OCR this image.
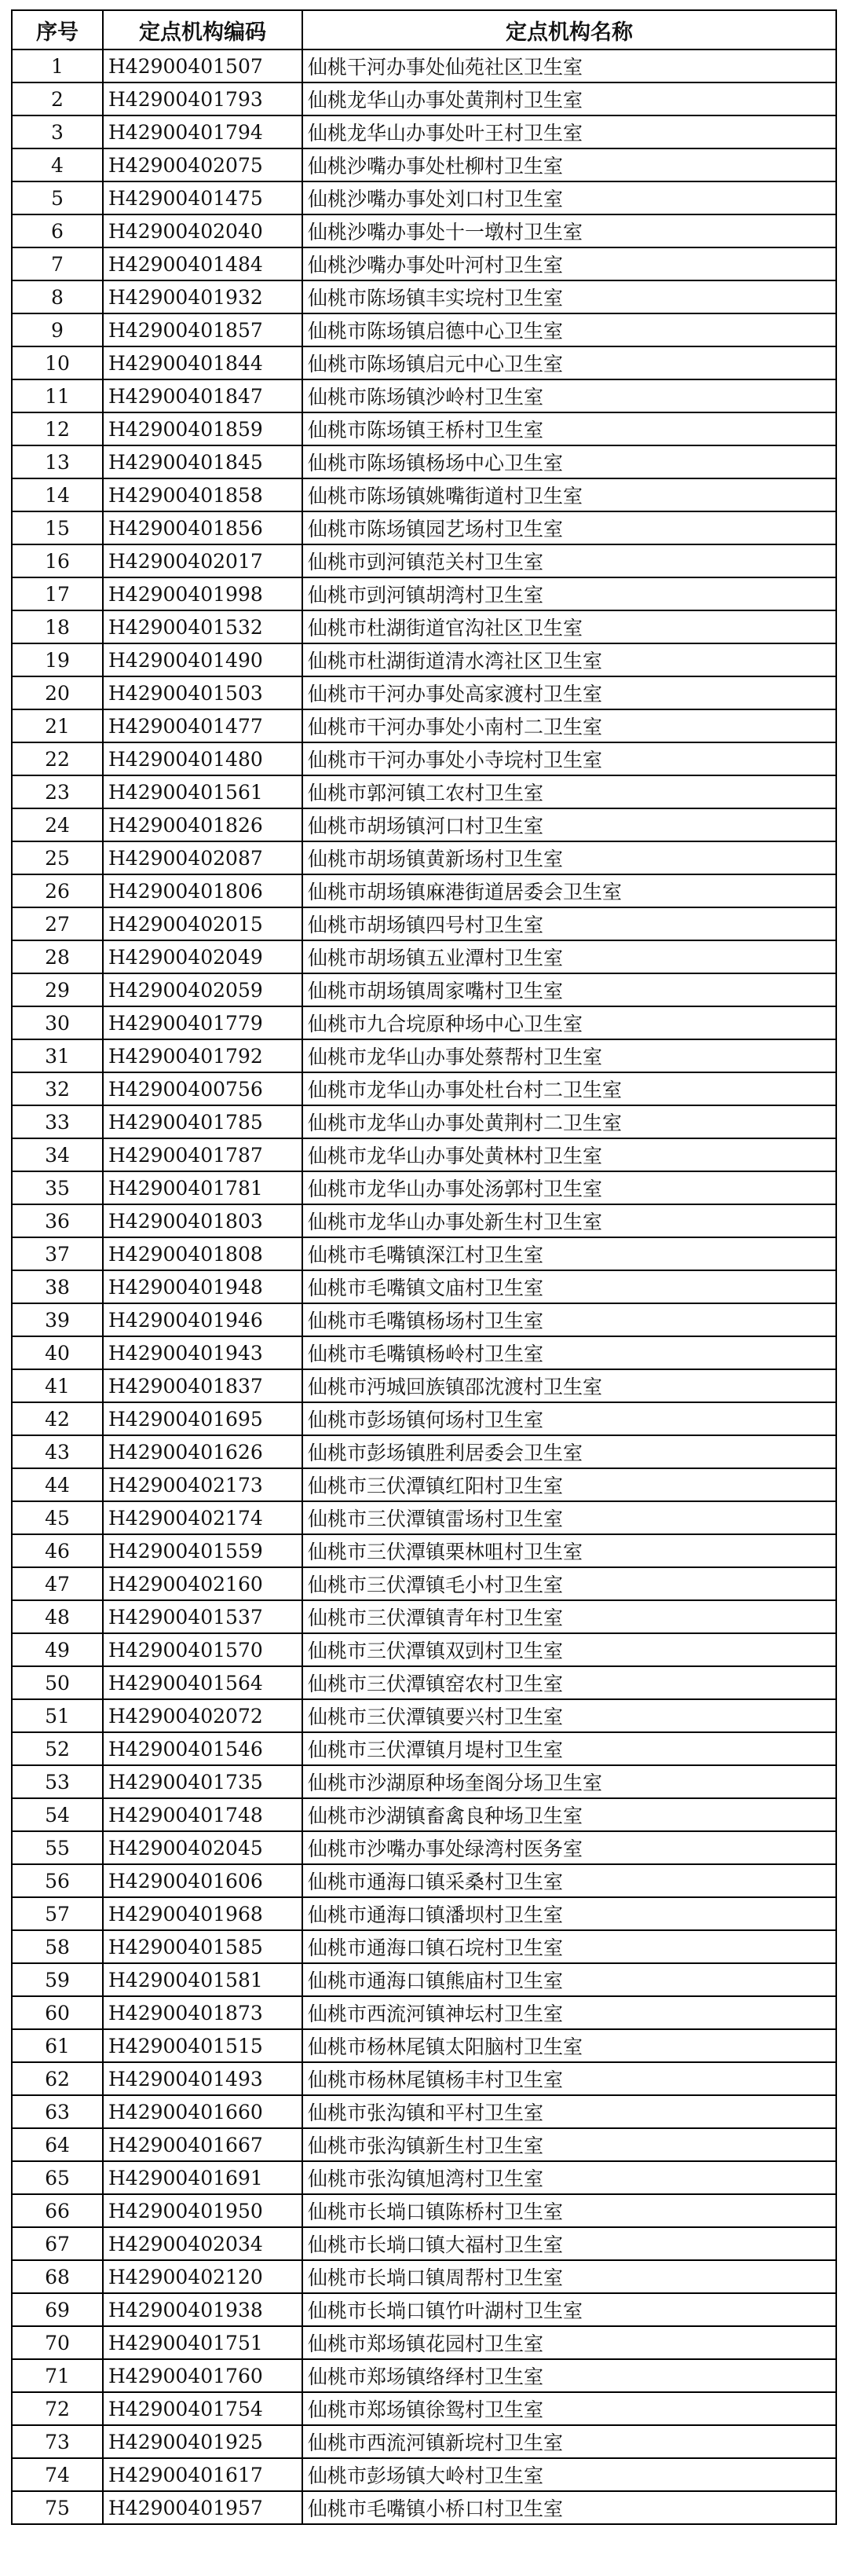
序号	定点机构编码	定点机构名称
1	H42900401507	仙桃干河办事处仙苑社区卫生室
2	H42900401793	仙桃龙华山办事处黄荆村卫生室
3	H42900401794	仙桃龙华山办事处叶王村卫生室
4	H42900402075	仙桃沙嘴办事处杜柳村卫生室
5	H42900401475	仙桃沙嘴办事处刘口村卫生室
6	H42900402040	仙桃沙嘴办事处十一墩村卫生室
7	H42900401484	仙桃沙嘴办事处叶河村卫生室
8	H42900401932	仙桃市陈场镇丰实垸村卫生室
9	H42900401857	仙桃市陈场镇启德中心卫生室
10	H42900401844	仙桃市陈场镇启元中心卫生室
11	H42900401847	仙桃市陈场镇沙岭村卫生室
12	H42900401859	仙桃市陈场镇王桥村卫生室
13	H42900401845	仙桃市陈场镇杨场中心卫生室
14	H42900401858	仙桃市陈场镇姚嘴街道村卫生室
15	H42900401856	仙桃市陈场镇园艺场村卫生室
16	H42900402017	仙桃市剅河镇范关村卫生室
17	H42900401998	仙桃市剅河镇胡湾村卫生室
18	H42900401532	仙桃市杜湖街道官沟社区卫生室
19	H42900401490	仙桃市杜湖街道清水湾社区卫生室
20	H42900401503	仙桃市干河办事处高家渡村卫生室
21	H42900401477	仙桃市干河办事处小南村二卫生室
22	H42900401480	仙桃市干河办事处小寺垸村卫生室
23	H42900401561	仙桃市郭河镇工农村卫生室
24	H42900401826	仙桃市胡场镇河口村卫生室
25	H42900402087	仙桃市胡场镇黄新场村卫生室
26	H42900401806	仙桃市胡场镇麻港街道居委会卫生室
27	H42900402015	仙桃市胡场镇四号村卫生室
28	H42900402049	仙桃市胡场镇五业潭村卫生室
29	H42900402059	仙桃市胡场镇周家嘴村卫生室
30	H42900401779	仙桃市九合垸原种场中心卫生室
31	H42900401792	仙桃市龙华山办事处蔡帮村卫生室
32	H42900400756	仙桃市龙华山办事处杜台村二卫生室
33	H42900401785	仙桃市龙华山办事处黄荆村二卫生室
34	H42900401787	仙桃市龙华山办事处黄林村卫生室
35	H42900401781	仙桃市龙华山办事处汤郭村卫生室
36	H42900401803	仙桃市龙华山办事处新生村卫生室
37	H42900401808	仙桃市毛嘴镇深江村卫生室
38	H42900401948	仙桃市毛嘴镇文庙村卫生室
39	H42900401946	仙桃市毛嘴镇杨场村卫生室
40	H42900401943	仙桃市毛嘴镇杨岭村卫生室
41	H42900401837	仙桃市沔城回族镇邵沈渡村卫生室
42	H42900401695	仙桃市彭场镇何场村卫生室
43	H42900401626	仙桃市彭场镇胜利居委会卫生室
44	H42900402173	仙桃市三伏潭镇红阳村卫生室
45	H42900402174	仙桃市三伏潭镇雷场村卫生室
46	H42900401559	仙桃市三伏潭镇栗林咀村卫生室
47	H42900402160	仙桃市三伏潭镇毛小村卫生室
48	H42900401537	仙桃市三伏潭镇青年村卫生室
49	H42900401570	仙桃市三伏潭镇双剅村卫生室
50	H42900401564	仙桃市三伏潭镇窑农村卫生室
51	H42900402072	仙桃市三伏潭镇要兴村卫生室
52	H42900401546	仙桃市三伏潭镇月堤村卫生室
53	H42900401735	仙桃市沙湖原种场奎阁分场卫生室
54	H42900401748	仙桃市沙湖镇畜禽良种场卫生室
55	H42900402045	仙桃市沙嘴办事处绿湾村医务室
56	H42900401606	仙桃市通海口镇采桑村卫生室
57	H42900401968	仙桃市通海口镇潘坝村卫生室
58	H42900401585	仙桃市通海口镇石垸村卫生室
59	H42900401581	仙桃市通海口镇熊庙村卫生室
60	H42900401873	仙桃市西流河镇神坛村卫生室
61	H42900401515	仙桃市杨林尾镇太阳脑村卫生室
62	H42900401493	仙桃市杨林尾镇杨丰村卫生室
63	H42900401660	仙桃市张沟镇和平村卫生室
64	H42900401667	仙桃市张沟镇新生村卫生室
65	H42900401691	仙桃市张沟镇旭湾村卫生室
66	H42900401950	仙桃市长埫口镇陈桥村卫生室
67	H42900402034	仙桃市长埫口镇大福村卫生室
68	H42900402120	仙桃市长埫口镇周帮村卫生室
69	H42900401938	仙桃市长埫口镇竹叶湖村卫生室
70	H42900401751	仙桃市郑场镇花园村卫生室
71	H42900401760	仙桃市郑场镇络绎村卫生室
72	H42900401754	仙桃市郑场镇徐鸳村卫生室
73	H42900401925	仙桃市西流河镇新垸村卫生室
74	H42900401617	仙桃市彭场镇大岭村卫生室
75	H42900401957	仙桃市毛嘴镇小桥口村卫生室
